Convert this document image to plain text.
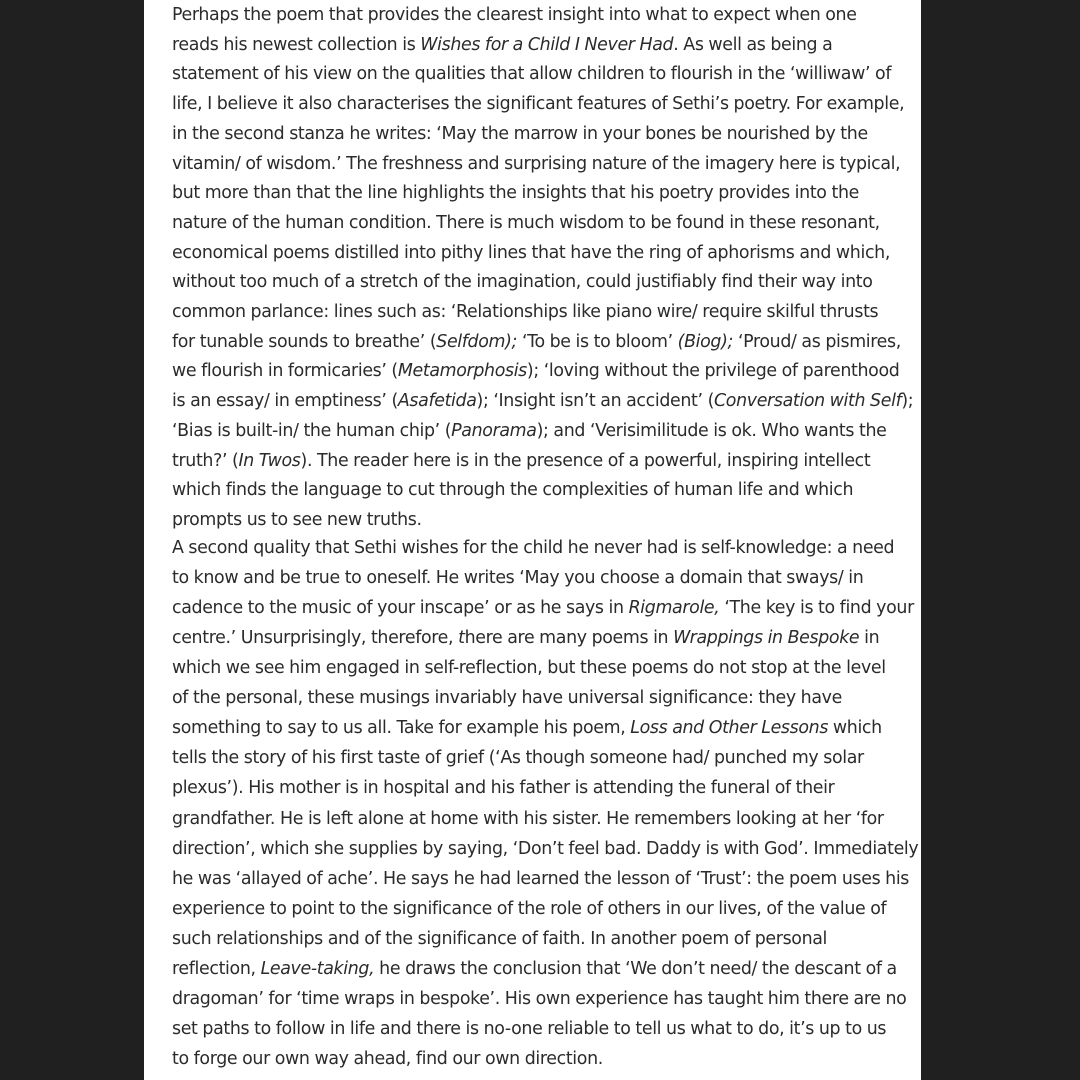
Perhaps the poem that provides the clearest insight into what to expect when one
reads his newest collection is Wishes for a Child I Never Had. As well as being a
statement of his view on the qualities that allow children to flourish in the ‘williwaw’ of
life, I believe it also characterises the significant features of Sethi’s poetry. For example,
in the second stanza he writes: ‘May the marrow in your bones be nourished by the
vitamin/ of wisdom.’ The freshness and surprising nature of the imagery here is typical,
but more than that the line highlights the insights that his poetry provides into the
nature of the human condition. There is much wisdom to be found in these resonant,
economical poems distilled into pithy lines that have the ring of aphorisms and which,
without too much of a stretch of the imagination, could justifiably find their way into
common parlance: lines such as: ‘Relationships like piano wire/ require skilful thrusts
for tunable sounds to breathe’ (Selfdom); ‘To be is to bloom’ (Biog); ‘Proud/ as pismires,
we flourish in formicaries’ (Metamorphosis); ‘loving without the privilege of parenthood
is an essay/ in emptiness’ (Asafetida); ‘Insight isn’t an accident’ (Conversation with Self);
‘Bias is built-in/ the human chip’ (Panorama); and ‘Verisimilitude is ok. Who wants the
truth?’ (In Twos). The reader here is in the presence of a powerful, inspiring intellect
which finds the language to cut through the complexities of human life and which
prompts us to see new truths.

A second quality that Sethi wishes for the child he never had is self-knowledge: a need
to know and be true to oneself. He writes ‘May you choose a domain that sways/ in
cadence to the music of your inscape’ or as he says in Rigmarole, ‘The key is to find your
centre.’ Unsurprisingly, therefore, there are many poems in Wrappings in Bespoke in
which we see him engaged in self-reflection, but these poems do not stop at the level
of the personal, these musings invariably have universal significance: they have
something to say to us all. Take for example his poem, Loss and Other Lessons which
tells the story of his first taste of grief (‘As though someone had/ punched my solar
plexus’). His mother is in hospital and his father is attending the funeral of their
grandfather. He is left alone at home with his sister. He remembers looking at her ‘for
direction’, which she supplies by saying, ‘Don’t feel bad. Daddy is with God’. Immediately
he was ‘allayed of ache’. He says he had learned the lesson of ‘Trust’: the poem uses his
experience to point to the significance of the role of others in our lives, of the value of
such relationships and of the significance of faith. In another poem of personal
reflection, Leave-taking, he draws the conclusion that ‘We don’t need/ the descant of a
dragoman’ for ‘time wraps in bespoke’. His own experience has taught him there are no
set paths to follow in life and there is no-one reliable to tell us what to do, it’s up to us
to forge our own way ahead, find our own direction.
